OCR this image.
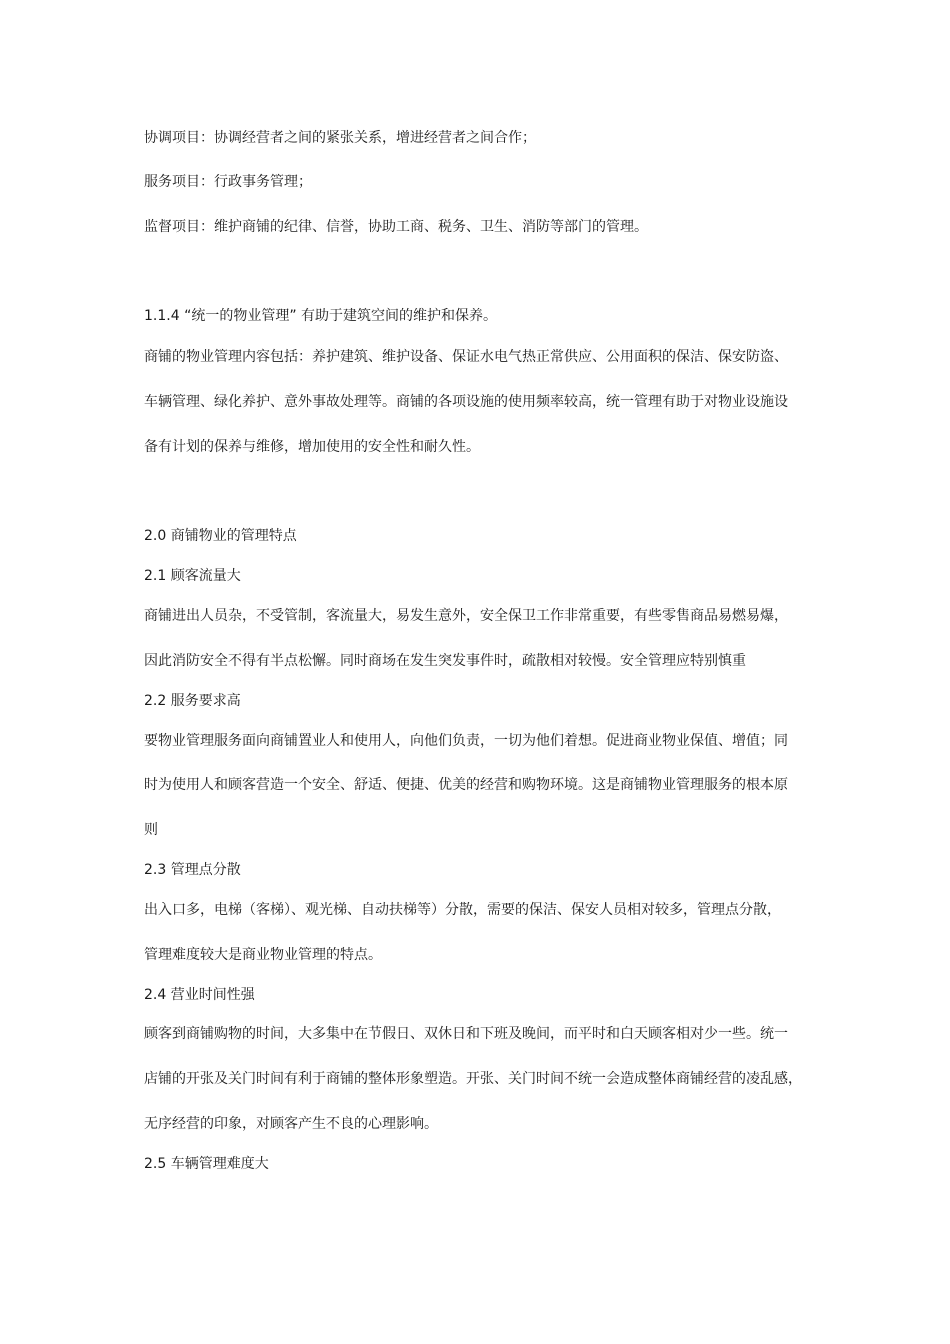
协调项目：协调经营者之间的紧张关系，增进经营者之间合作；
服务项目：行政事务管理；
监督项目：维护商铺的纪律、信誉，协助工商、税务、卫生、消防等部门的管理。
1.1.4 “统一的物业管理” 有助于建筑空间的维护和保养。
商铺的物业管理内容包括：养护建筑、维护设备、保证水电气热正常供应、公用面积的保洁、保安防盗、
车辆管理、绿化养护、意外事故处理等。商铺的各项设施的使用频率较高，统一管理有助于对物业设施设
备有计划的保养与维修，增加使用的安全性和耐久性。
2.0 商铺物业的管理特点
2.1 顾客流量大
商铺进出人员杂，不受管制，客流量大，易发生意外，安全保卫工作非常重要，有些零售商品易燃易爆，
因此消防安全不得有半点松懈。同时商场在发生突发事件时，疏散相对较慢。安全管理应特别慎重
2.2 服务要求高
要物业管理服务面向商铺置业人和使用人，向他们负责，一切为他们着想。促进商业物业保值、增值；同
时为使用人和顾客营造一个安全、舒适、便捷、优美的经营和购物环境。这是商铺物业管理服务的根本原
则
2.3 管理点分散
出入口多，电梯（客梯）、观光梯、自动扶梯等）分散，需要的保洁、保安人员相对较多，管理点分散，
管理难度较大是商业物业管理的特点。
2.4 营业时间性强
顾客到商铺购物的时间，大多集中在节假日、双休日和下班及晚间，而平时和白天顾客相对少一些。统一
店铺的开张及关门时间有利于商铺的整体形象塑造。开张、关门时间不统一会造成整体商铺经营的凌乱感，
无序经营的印象，对顾客产生不良的心理影响。
2.5 车辆管理难度大
